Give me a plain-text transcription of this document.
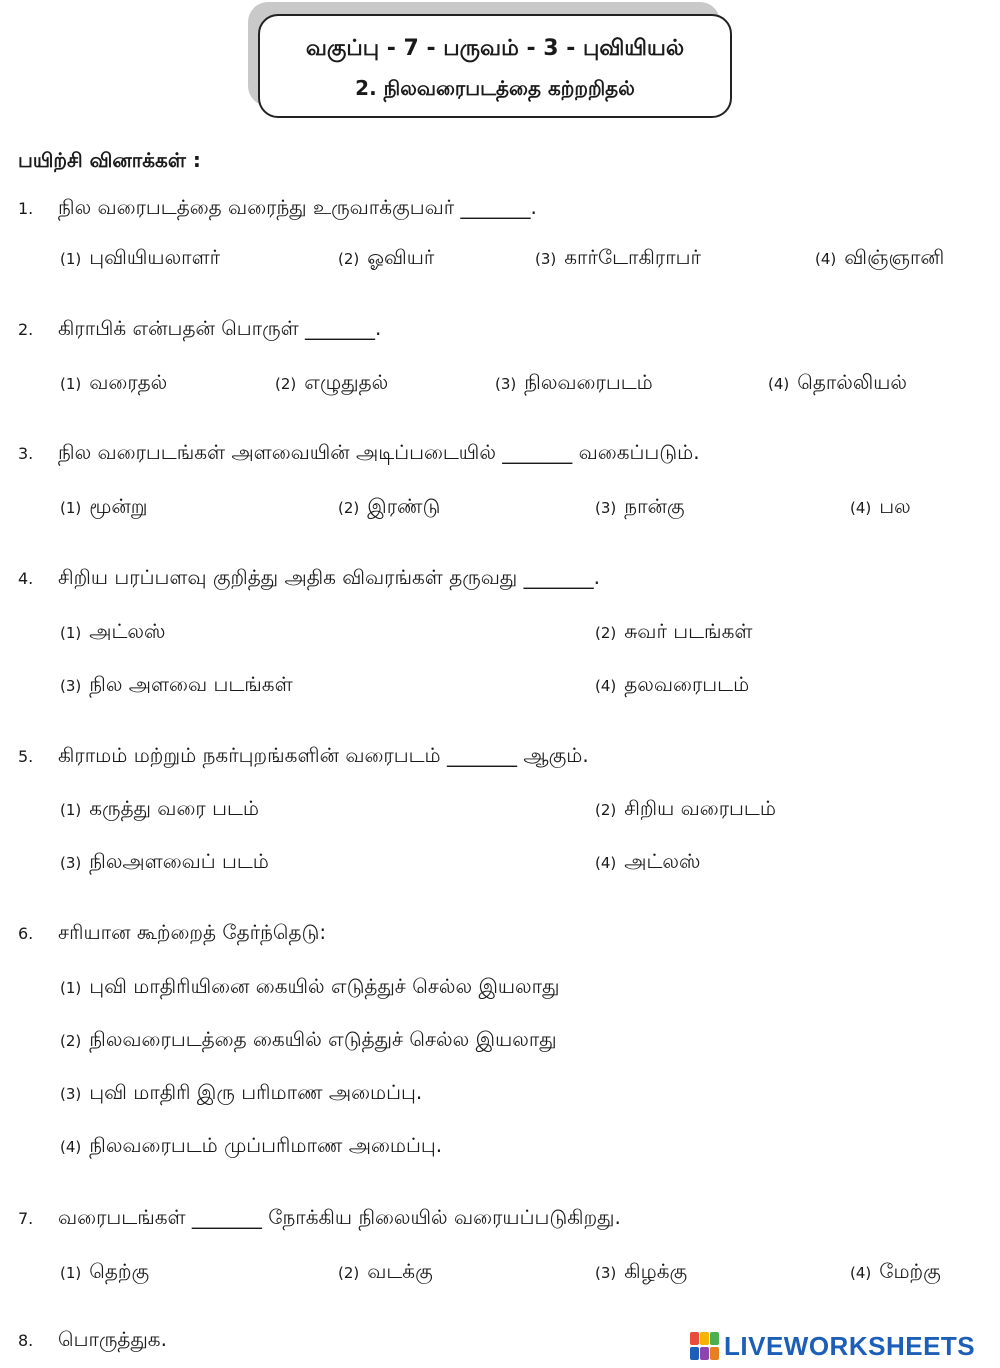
வகுப்பு - 7 - பருவம் - 3 - புவியியல்
2. நிலவரைபடத்தை கற்றறிதல்
பயிற்சி வினாக்கள் :
1. நில வரைபடத்தை வரைந்து உருவாக்குபவர் _______.
(1) புவியியலாளர்	(2) ஓவியர்	(3) கார்டோகிராபர்	(4) விஞ்ஞானி
2. கிராபிக் என்பதன் பொருள் _______.
(1) வரைதல்	(2) எழுதுதல்	(3) நிலவரைபடம்	(4) தொல்லியல்
3. நில வரைபடங்கள் அளவையின் அடிப்படையில் _______ வகைப்படும்.
(1) மூன்று	(2) இரண்டு	(3) நான்கு	(4) பல
4. சிறிய பரப்பளவு குறித்து அதிக விவரங்கள் தருவது _______.
(1) அட்லஸ்	(2) சுவர் படங்கள்
(3) நில அளவை படங்கள்	(4) தலவரைபடம்
5. கிராமம் மற்றும் நகர்புறங்களின் வரைபடம் _______ ஆகும்.
(1) கருத்து வரை படம்	(2) சிறிய வரைபடம்
(3) நிலஅளவைப் படம்	(4) அட்லஸ்
6. சரியான கூற்றைத் தேர்ந்தெடு:
(1) புவி மாதிரியினை கையில் எடுத்துச் செல்ல இயலாது
(2) நிலவரைபடத்தை கையில் எடுத்துச் செல்ல இயலாது
(3) புவி மாதிரி இரு பரிமாண அமைப்பு.
(4) நிலவரைபடம் முப்பரிமாண அமைப்பு.
7. வரைபடங்கள் _______ நோக்கிய நிலையில் வரையப்படுகிறது.
(1) தெற்கு	(2) வடக்கு	(3) கிழக்கு	(4) மேற்கு
8. பொருத்துக.	LIVEWORKSHEETS
